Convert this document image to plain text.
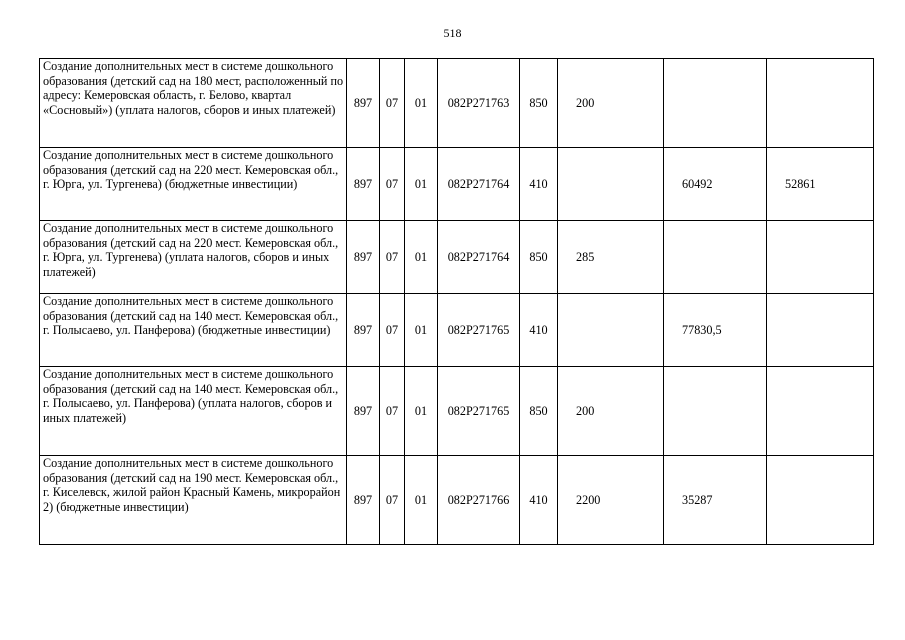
518
Создание дополнительных мест в системе дошкольного образования (детский сад на 180 мест, расположенный по адресу: Кемеровская область, г. Белово, квартал «Сосновый») (уплата налогов, сборов и иных платежей)	897	07	01	082P271763	850	200		
Создание дополнительных мест в системе дошкольного образования (детский сад на 220 мест. Кемеровская обл., г. Юрга, ул. Тургенева) (бюджетные инвестиции)	897	07	01	082P271764	410		60492	52861
Создание дополнительных мест в системе дошкольного образования (детский сад на 220 мест. Кемеровская обл., г. Юрга, ул. Тургенева) (уплата налогов, сборов и иных платежей)	897	07	01	082P271764	850	285		
Создание дополнительных мест в системе дошкольного образования (детский сад на 140 мест. Кемеровская обл., г. Полысаево, ул. Панферова) (бюджетные инвестиции)	897	07	01	082P271765	410		77830,5	
Создание дополнительных мест в системе дошкольного образования (детский сад на 140 мест. Кемеровская обл., г. Полысаево, ул. Панферова) (уплата налогов, сборов и иных платежей)	897	07	01	082P271765	850	200		
Создание дополнительных мест в системе дошкольного образования (детский сад на 190 мест. Кемеровская обл., г. Киселевск, жилой район Красный Камень, микрорайон 2) (бюджетные инвестиции)	897	07	01	082P271766	410	2200	35287	
